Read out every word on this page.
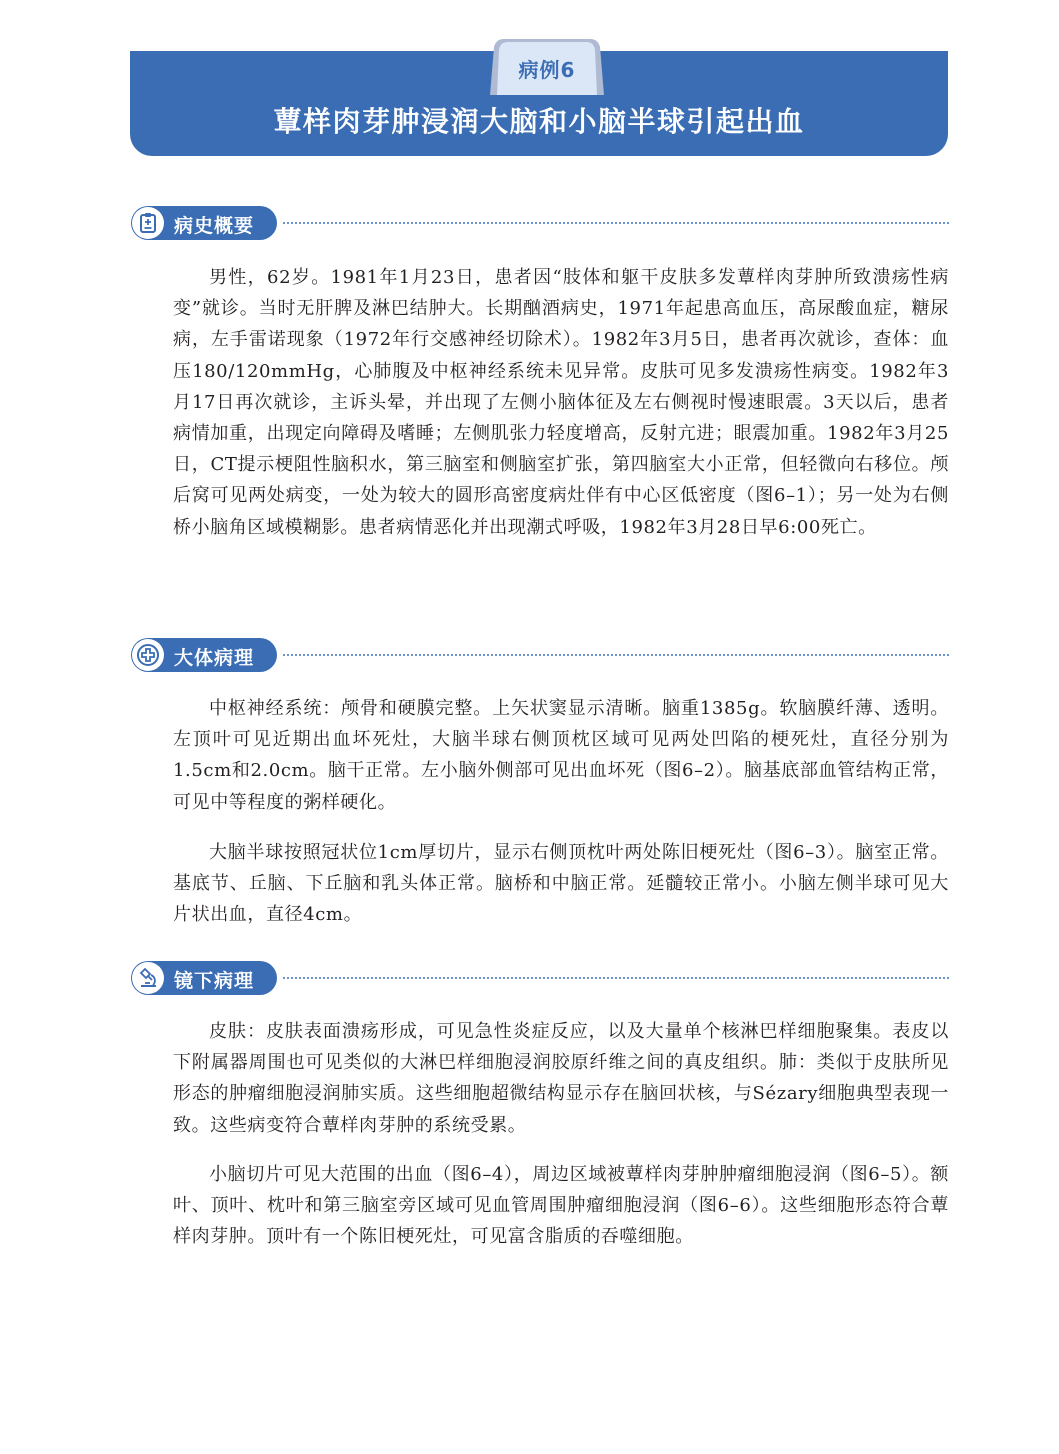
病例6
蕈样肉芽肿浸润大脑和小脑半球引起出血
病史概要

男性，62岁。1981年1月23日，患者因“肢体和躯干皮肤多发蕈样肉芽肿所致溃疡性病变”就诊。当时无肝脾及淋巴结肿大。长期酗酒病史，1971年起患高血压，高尿酸血症，糖尿病，左手雷诺现象（1972年行交感神经切除术）。1982年3月5日，患者再次就诊，查体：血压180/120mmHg，心肺腹及中枢神经系统未见异常。皮肤可见多发溃疡性病变。1982年3月17日再次就诊，主诉头晕，并出现了左侧小脑体征及左右侧视时慢速眼震。3天以后，患者病情加重，出现定向障碍及嗜睡；左侧肌张力轻度增高，反射亢进；眼震加重。1982年3月25日，CT提示梗阻性脑积水，第三脑室和侧脑室扩张，第四脑室大小正常，但轻微向右移位。颅后窝可见两处病变，一处为较大的圆形高密度病灶伴有中心区低密度（图6–1）；另一处为右侧桥小脑角区域模糊影。患者病情恶化并出现潮式呼吸，1982年3月28日早6:00死亡。

大体病理

中枢神经系统：颅骨和硬膜完整。上矢状窦显示清晰。脑重1385g。软脑膜纤薄、透明。左顶叶可见近期出血坏死灶，大脑半球右侧顶枕区域可见两处凹陷的梗死灶，直径分别为1.5cm和2.0cm。脑干正常。左小脑外侧部可见出血坏死（图6–2）。脑基底部血管结构正常，可见中等程度的粥样硬化。

大脑半球按照冠状位1cm厚切片，显示右侧顶枕叶两处陈旧梗死灶（图6–3）。脑室正常。基底节、丘脑、下丘脑和乳头体正常。脑桥和中脑正常。延髓较正常小。小脑左侧半球可见大片状出血，直径4cm。

镜下病理

皮肤：皮肤表面溃疡形成，可见急性炎症反应，以及大量单个核淋巴样细胞聚集。表皮以下附属器周围也可见类似的大淋巴样细胞浸润胶原纤维之间的真皮组织。肺：类似于皮肤所见形态的肿瘤细胞浸润肺实质。这些细胞超微结构显示存在脑回状核，与Sézary细胞典型表现一致。这些病变符合蕈样肉芽肿的系统受累。

小脑切片可见大范围的出血（图6–4），周边区域被蕈样肉芽肿肿瘤细胞浸润（图6–5）。额叶、顶叶、枕叶和第三脑室旁区域可见血管周围肿瘤细胞浸润（图6–6）。这些细胞形态符合蕈样肉芽肿。顶叶有一个陈旧梗死灶，可见富含脂质的吞噬细胞。
